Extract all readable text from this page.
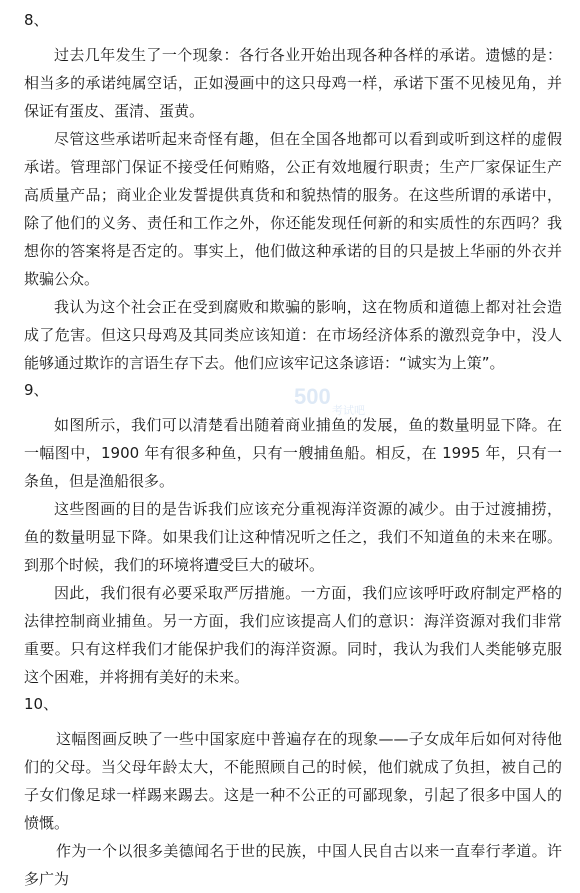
8、

过去几年发生了一个现象：各行各业开始出现各种各样的承诺。遗憾的是：相当多的承诺纯属空话，正如漫画中的这只母鸡一样，承诺下蛋不见棱见角，并保证有蛋皮、蛋清、蛋黄。

尽管这些承诺听起来奇怪有趣，但在全国各地都可以看到或听到这样的虚假承诺。管理部门保证不接受任何贿赂，公正有效地履行职责；生产厂家保证生产高质量产品；商业企业发誓提供真货和和貌热情的服务。在这些所谓的承诺中，除了他们的义务、责任和工作之外，你还能发现任何新的和实质性的东西吗？我想你的答案将是否定的。事实上，他们做这种承诺的目的只是披上华丽的外衣并欺骗公众。

我认为这个社会正在受到腐败和欺骗的影响，这在物质和道德上都对社会造成了危害。但这只母鸡及其同类应该知道：在市场经济体系的激烈竞争中，没人能够通过欺诈的言语生存下去。他们应该牢记这条谚语：“诚实为上策”。

9、

如图所示，我们可以清楚看出随着商业捕鱼的发展，鱼的数量明显下降。在一幅图中，1900 年有很多种鱼，只有一艘捕鱼船。相反，在 1995 年，只有一条鱼，但是渔船很多。

这些图画的目的是告诉我们应该充分重视海洋资源的减少。由于过渡捕捞，鱼的数量明显下降。如果我们让这种情况听之任之，我们不知道鱼的未来在哪。到那个时候，我们的环境将遭受巨大的破坏。

因此，我们很有必要采取严厉措施。一方面，我们应该呼吁政府制定严格的法律控制商业捕鱼。另一方面，我们应该提高人们的意识：海洋资源对我们非常重要。只有这样我们才能保护我们的海洋资源。同时，我认为我们人类能够克服这个困难，并将拥有美好的未来。

10、

这幅图画反映了一些中国家庭中普遍存在的现象——子女成年后如何对待他们的父母。当父母年龄太大，不能照顾自己的时候，他们就成了负担，被自己的子女们像足球一样踢来踢去。这是一种不公正的可鄙现象，引起了很多中国人的愤慨。

作为一个以很多美德闻名于世的民族，中国人民自古以来一直奉行孝道。许多广为

500
考试吧
